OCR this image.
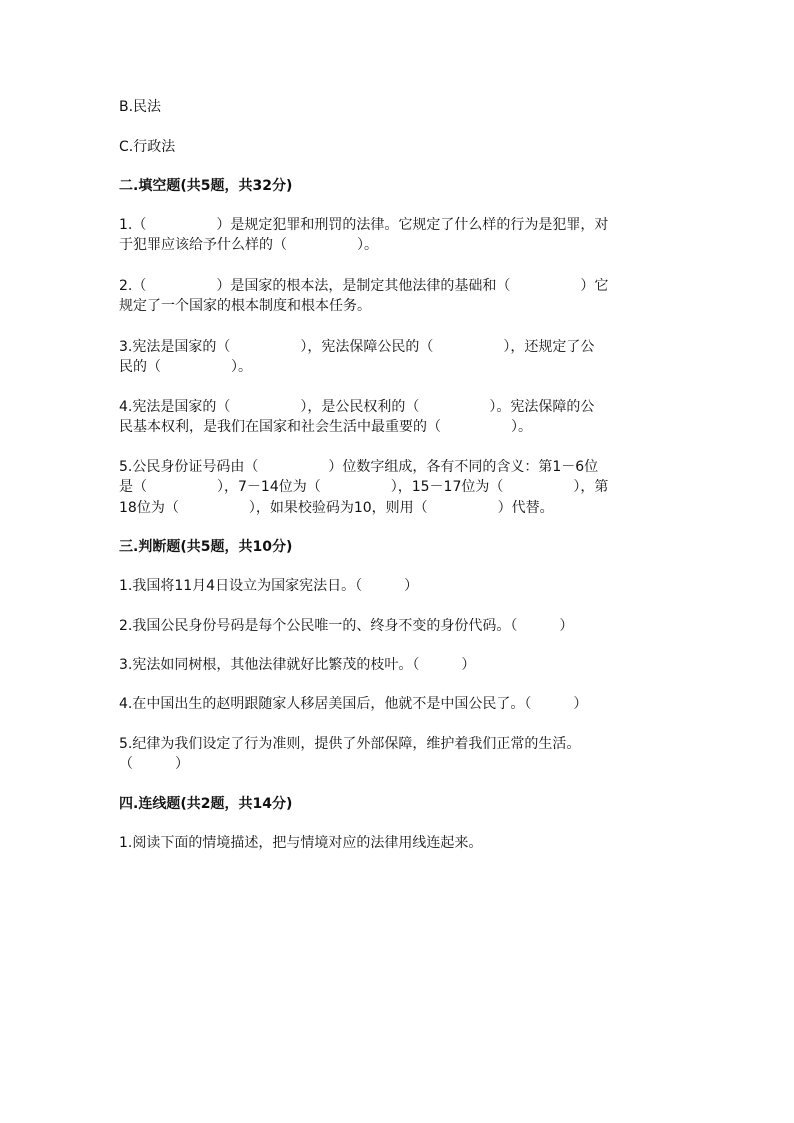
B.民法
C.行政法
二.填空题(共5题，共32分)
1.（　　　　　）是规定犯罪和刑罚的法律。它规定了什么样的行为是犯罪，对
于犯罪应该给予什么样的（　　　　　）。
2.（　　　　　）是国家的根本法，是制定其他法律的基础和（　　　　　）它
规定了一个国家的根本制度和根本任务。
3.宪法是国家的（　　　　　），宪法保障公民的（　　　　　），还规定了公
民的（　　　　　）。
4.宪法是国家的（　　　　　），是公民权利的（　　　　　）。宪法保障的公
民基本权利，是我们在国家和社会生活中最重要的（　　　　　）。
5.公民身份证号码由（　　　　　）位数字组成，各有不同的含义：第1－6位
是（　　　　　），7－14位为（　　　　　），15－17位为（　　　　　），第
18位为（　　　　　），如果校验码为10，则用（　　　　　）代替。
三.判断题(共5题，共10分)
1.我国将11月4日设立为国家宪法日。（　　　）
2.我国公民身份号码是每个公民唯一的、终身不变的身份代码。（　　　）
3.宪法如同树根，其他法律就好比繁茂的枝叶。（　　　）
4.在中国出生的赵明跟随家人移居美国后，他就不是中国公民了。（　　　）
5.纪律为我们设定了行为准则，提供了外部保障，维护着我们正常的生活。
（　　　）
四.连线题(共2题，共14分)
1.阅读下面的情境描述，把与情境对应的法律用线连起来。
